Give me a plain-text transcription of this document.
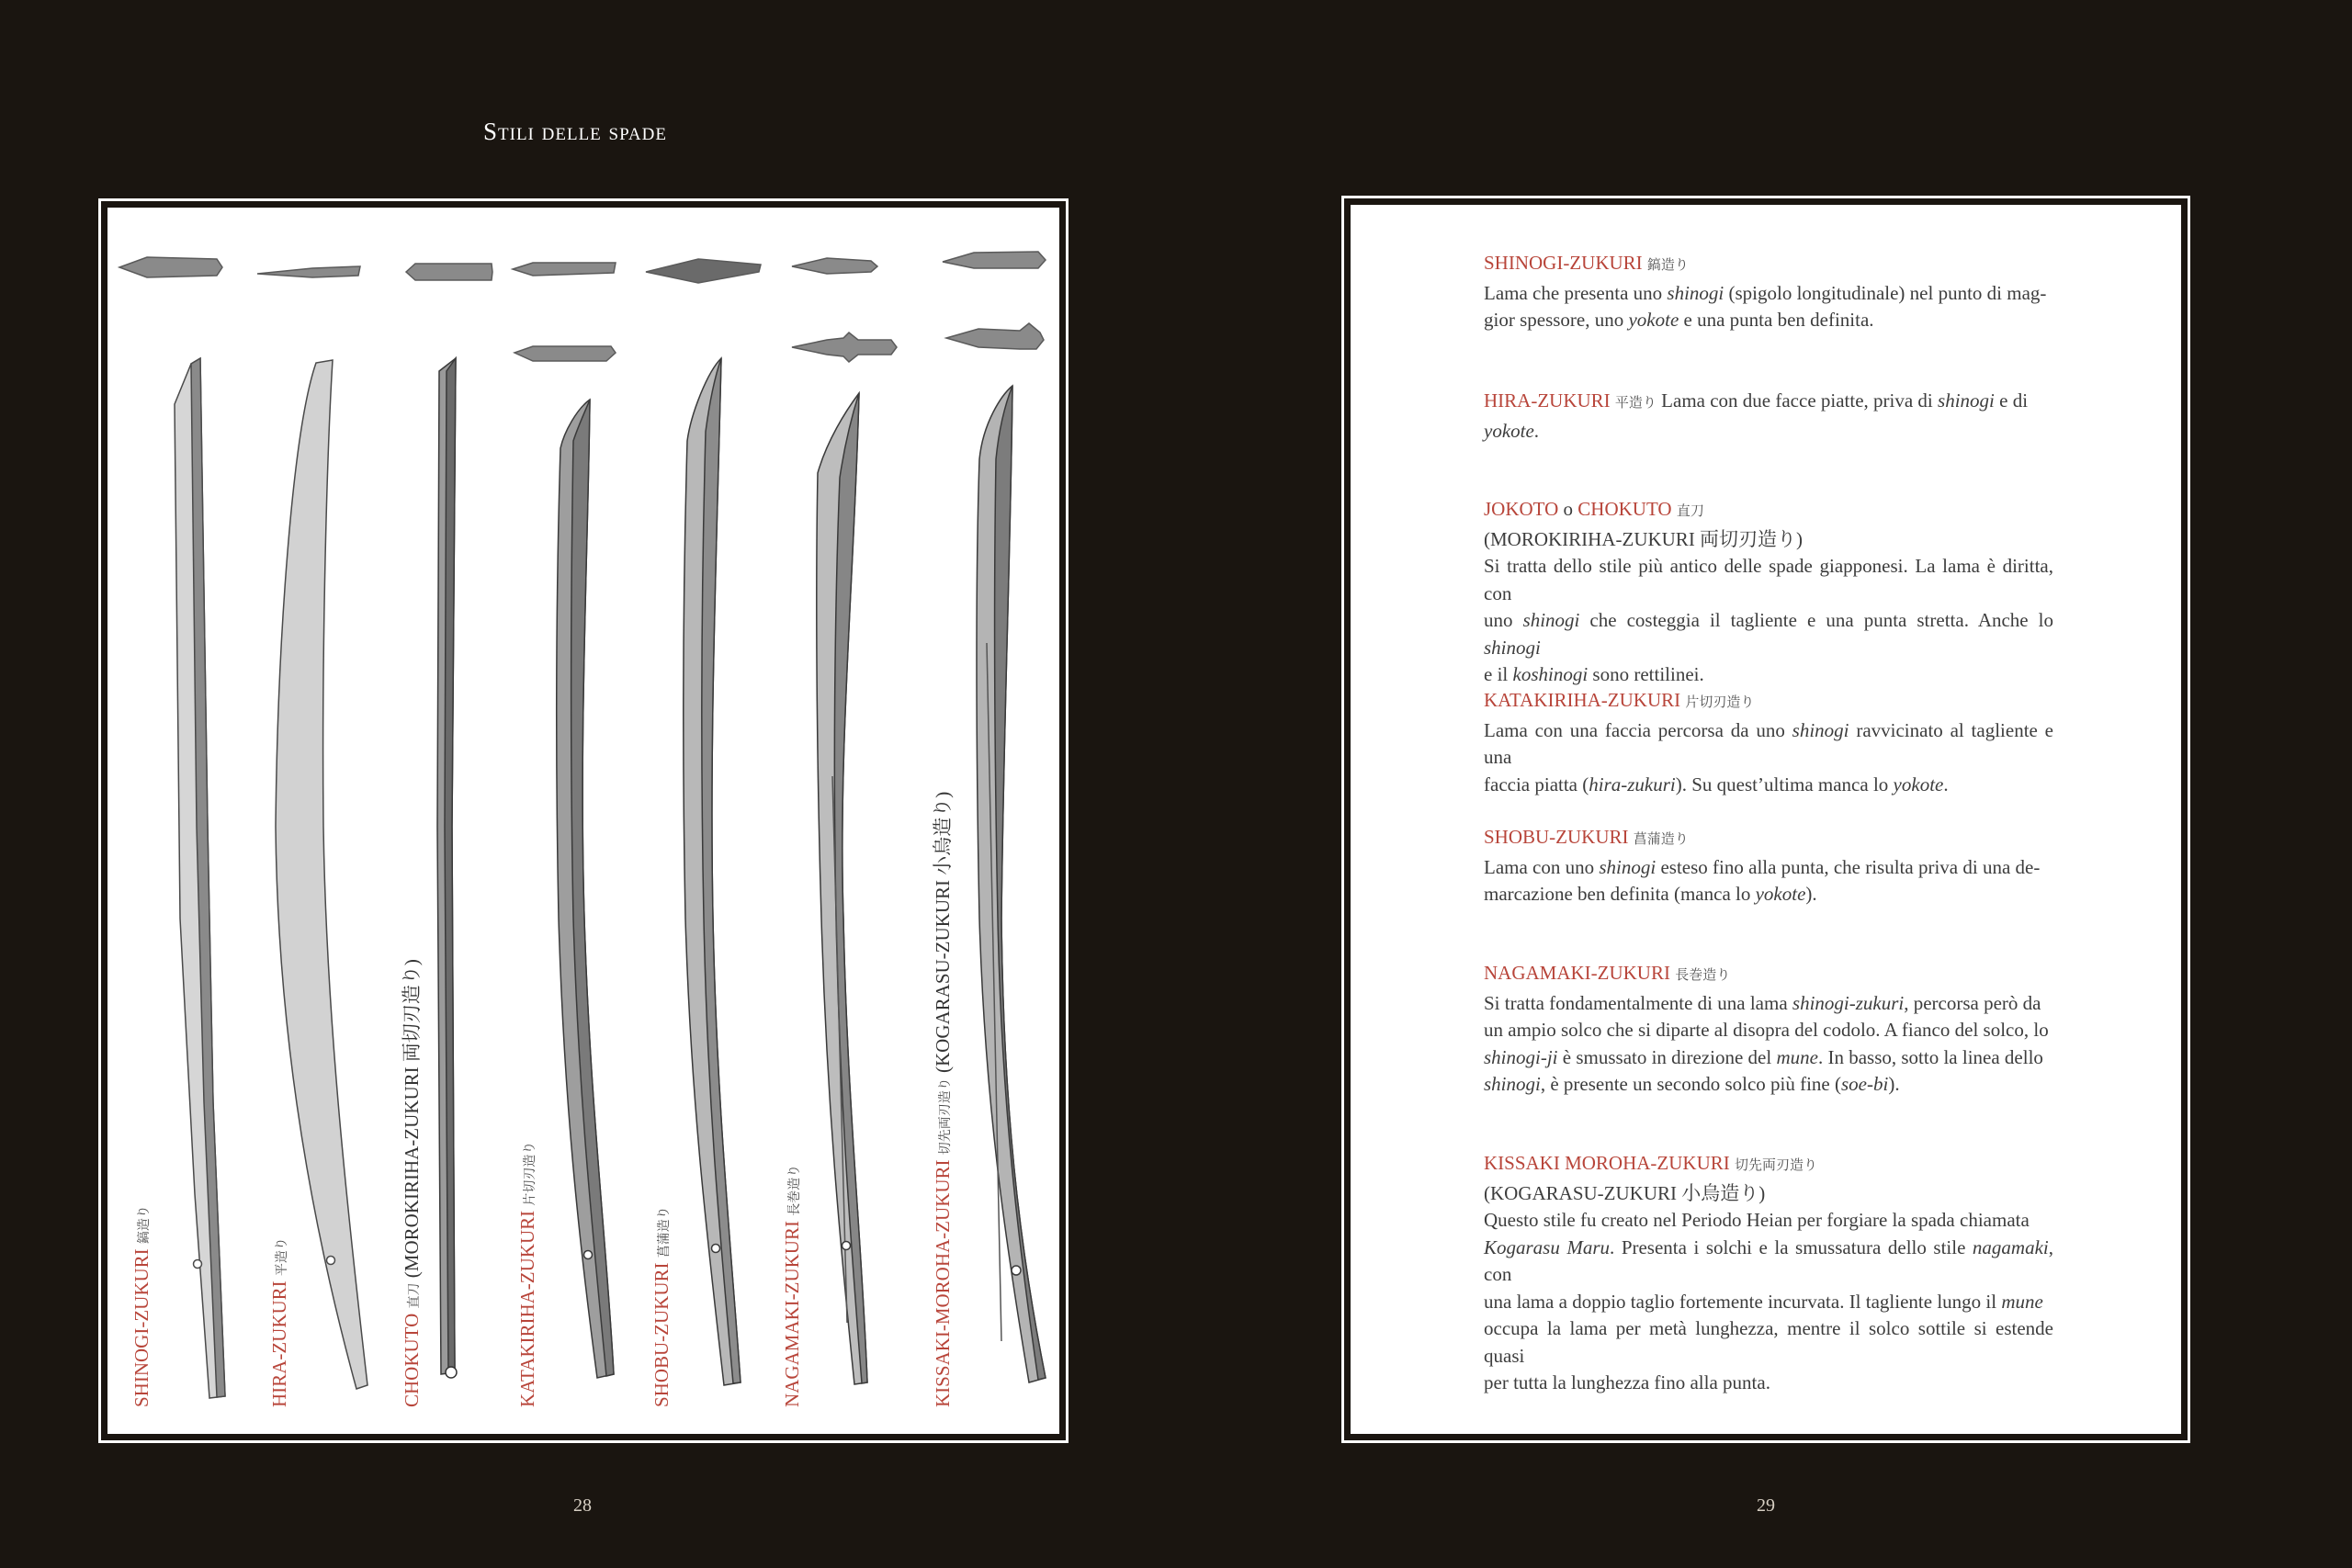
Stili delle spade
SHINOGI-ZUKURI 鎬造り
HIRA-ZUKURI 平造り
CHOKUTO 直刀 (MOROKIRIHA-ZUKURI 両切刃造り)
KATAKIRIHA-ZUKURI 片切刃造り
SHOBU-ZUKURI 菖蒲造り	NAGAMAKI-ZUKURI 長巻造り	KISSAKI-MOROHA-ZUKURI 切先両刃造り (KOGARASU-ZUKURI 小烏造り)
SHINOGI-ZUKURI 鎬造り
Lama che presenta uno shinogi (spigolo longitudinale) nel punto di mag-
gior spessore, uno yokote e una punta ben definita.
HIRA-ZUKURI 平造り Lama con due facce piatte, priva di shinogi e di
yokote.
JOKOTO o CHOKUTO 直刀
(MOROKIRIHA-ZUKURI 両切刃造り)
Si tratta dello stile più antico delle spade giapponesi. La lama è diritta, con
uno shinogi che costeggia il tagliente e una punta stretta. Anche lo shinogi
e il koshinogi sono rettilinei.
KATAKIRIHA-ZUKURI 片切刃造り
Lama con una faccia percorsa da uno shinogi ravvicinato al tagliente e una
faccia piatta (hira-zukuri). Su quest’ultima manca lo yokote.
SHOBU-ZUKURI 菖蒲造り
Lama con uno shinogi esteso fino alla punta, che risulta priva di una de-
marcazione ben definita (manca lo yokote).
NAGAMAKI-ZUKURI 長巻造り
Si tratta fondamentalmente di una lama shinogi-zukuri, percorsa però da
un ampio solco che si diparte al disopra del codolo. A fianco del solco, lo
shinogi-ji è smussato in direzione del mune. In basso, sotto la linea dello
shinogi, è presente un secondo solco più fine (soe-bi).
KISSAKI MOROHA-ZUKURI 切先両刃造り
(KOGARASU-ZUKURI 小烏造り)
Questo stile fu creato nel Periodo Heian per forgiare la spada chiamata
Kogarasu Maru. Presenta i solchi e la smussatura dello stile nagamaki, con
una lama a doppio taglio fortemente incurvata. Il tagliente lungo il mune
occupa la lama per metà lunghezza, mentre il solco sottile si estende quasi
per tutta la lunghezza fino alla punta.
28	29
